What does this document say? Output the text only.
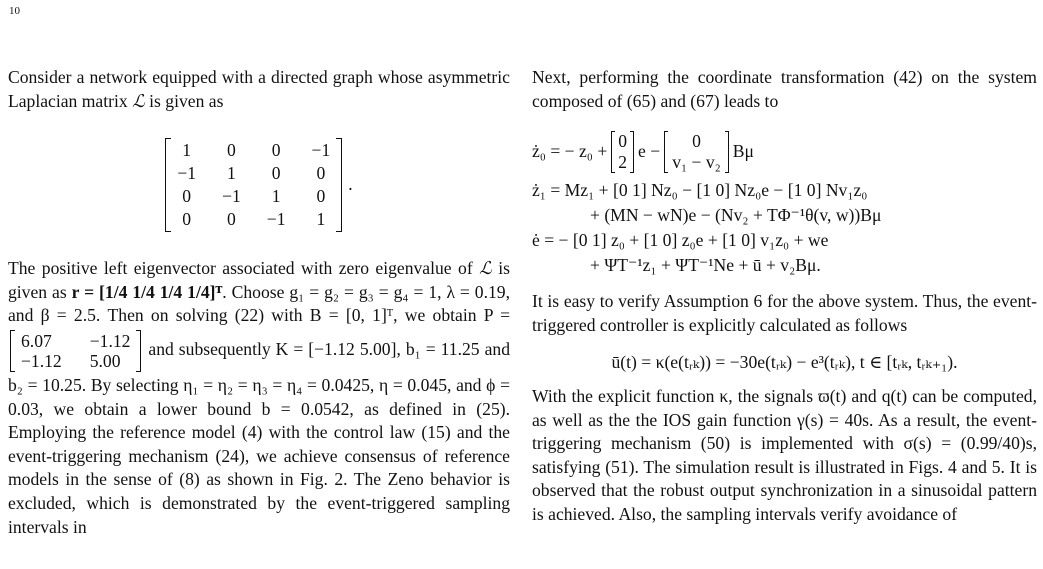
10

Consider a network equipped with a directed graph whose asymmetric Laplacian matrix ℒ is given as

1 0 0 −1
−1 1 0 0
0 −1 1 0
0 0 −1 1
.

The positive left eigenvector associated with zero eigenvalue of ℒ is given as r = [1/4 1/4 1/4 1/4]ᵀ. Choose g₁ = g₂ = g₃ = g₄ = 1, λ = 0.19, and β = 2.5. Then on solving (22) with B = [0, 1]ᵀ, we obtain P =
6.07	−1.12
−1.12 5.00
and subsequently K = [−1.12 5.00], b₁ = 11.25 and b₂ = 10.25. By selecting η₁ = η₂ = η₃ = η₄ = 0.0425, η = 0.045, and ϕ = 0.03, we obtain a lower bound b = 0.0542, as defined in (25). Employing the reference model (4) with the control law (15) and the event-triggering mechanism (24), we achieve consensus of reference models in the sense of (8) as shown in Fig. 2. The Zeno behavior is excluded, which is demonstrated by the event-triggered sampling intervals in

Next, performing the coordinate transformation (42) on the system composed of (65) and (67) leads to

ż₀ = − z₀ +
0
2
e −
0
v₁ − v₂
Bμ
ż₁ = Mz₁ + [0 1] Nz₀ − [1 0] Nz₀e − [1 0] Nv₁z₀
+ (MN − wN)e − (Nv₂ + TΦ⁻¹θ(v, w))Bμ
ė = − [0 1] z₀ + [1 0] z₀e + [1 0] v₁z₀ + we
+ ΨT⁻¹z₁ + ΨT⁻¹Ne + ū + v₂Bμ.

It is easy to verify Assumption 6 for the above system. Thus, the event-triggered controller is explicitly calculated as follows

ū(t) = κ(e(tᵣₖ)) = −30e(tᵣₖ) − e³(tᵣₖ), t ∈ [tᵣₖ, tᵣₖ₊₁).

With the explicit function κ, the signals ϖ(t) and q(t) can be computed, as well as the the IOS gain function γ(s) = 40s. As a result, the event-triggering mechanism (50) is implemented with σ(s) = (0.99/40)s, satisfying (51). The simulation result is illustrated in Figs. 4 and 5. It is observed that the robust output synchronization in a sinusoidal pattern is achieved. Also, the sampling intervals verify avoidance of
